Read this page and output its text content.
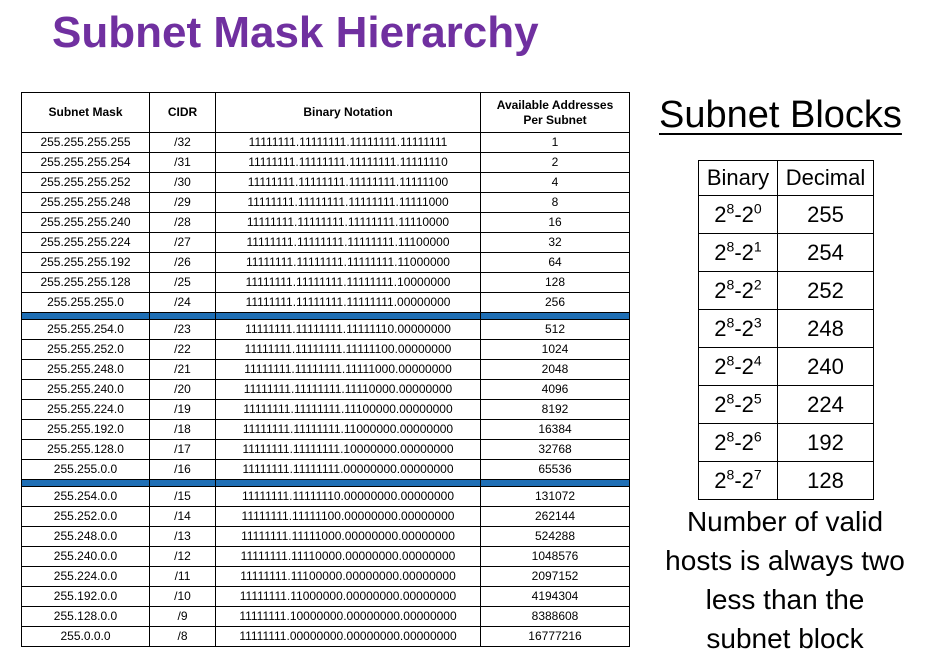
Subnet Mask Hierarchy
Subnet Mask	CIDR	Binary Notation	Available Addresses
Per Subnet
255.255.255.255	/32	11111111.11111111.11111111.11111111	1
255.255.255.254	/31	11111111.11111111.11111111.11111110	2
255.255.255.252	/30	11111111.11111111.11111111.11111100	4
255.255.255.248	/29	11111111.11111111.11111111.11111000	8
255.255.255.240	/28	11111111.11111111.11111111.11110000	16
255.255.255.224	/27	11111111.11111111.11111111.11100000	32
255.255.255.192	/26	11111111.11111111.11111111.11000000	64
255.255.255.128	/25	11111111.11111111.11111111.10000000	128
255.255.255.0	/24	11111111.11111111.11111111.00000000	256

255.255.254.0	/23	11111111.11111111.11111110.00000000	512
255.255.252.0	/22	11111111.11111111.11111100.00000000	1024
255.255.248.0	/21	11111111.11111111.11111000.00000000	2048
255.255.240.0	/20	11111111.11111111.11110000.00000000	4096
255.255.224.0	/19	11111111.11111111.11100000.00000000	8192
255.255.192.0	/18	11111111.11111111.11000000.00000000	16384
255.255.128.0	/17	11111111.11111111.10000000.00000000	32768
255.255.0.0	/16	11111111.11111111.00000000.00000000	65536

255.254.0.0	/15	11111111.11111110.00000000.00000000	131072
255.252.0.0	/14	11111111.11111100.00000000.00000000	262144
255.248.0.0	/13	11111111.11111000.00000000.00000000	524288
255.240.0.0	/12	11111111.11110000.00000000.00000000	1048576
255.224.0.0	/11	11111111.11100000.00000000.00000000	2097152
255.192.0.0	/10	11111111.11000000.00000000.00000000	4194304
255.128.0.0	/9	11111111.10000000.00000000.00000000	8388608
255.0.0.0	/8	11111111.00000000.00000000.00000000	16777216
Subnet Blocks
Binary	Decimal
$2^8-2^0$	255
$2^8-2^1$	254
$2^8-2^2$	252
$2^8-2^3$	248
$2^8-2^4$	240
$2^8-2^5$	224
$2^8-2^6$	192
$2^8-2^7$	128

Number of valid
hosts is always two
less than the
subnet block
